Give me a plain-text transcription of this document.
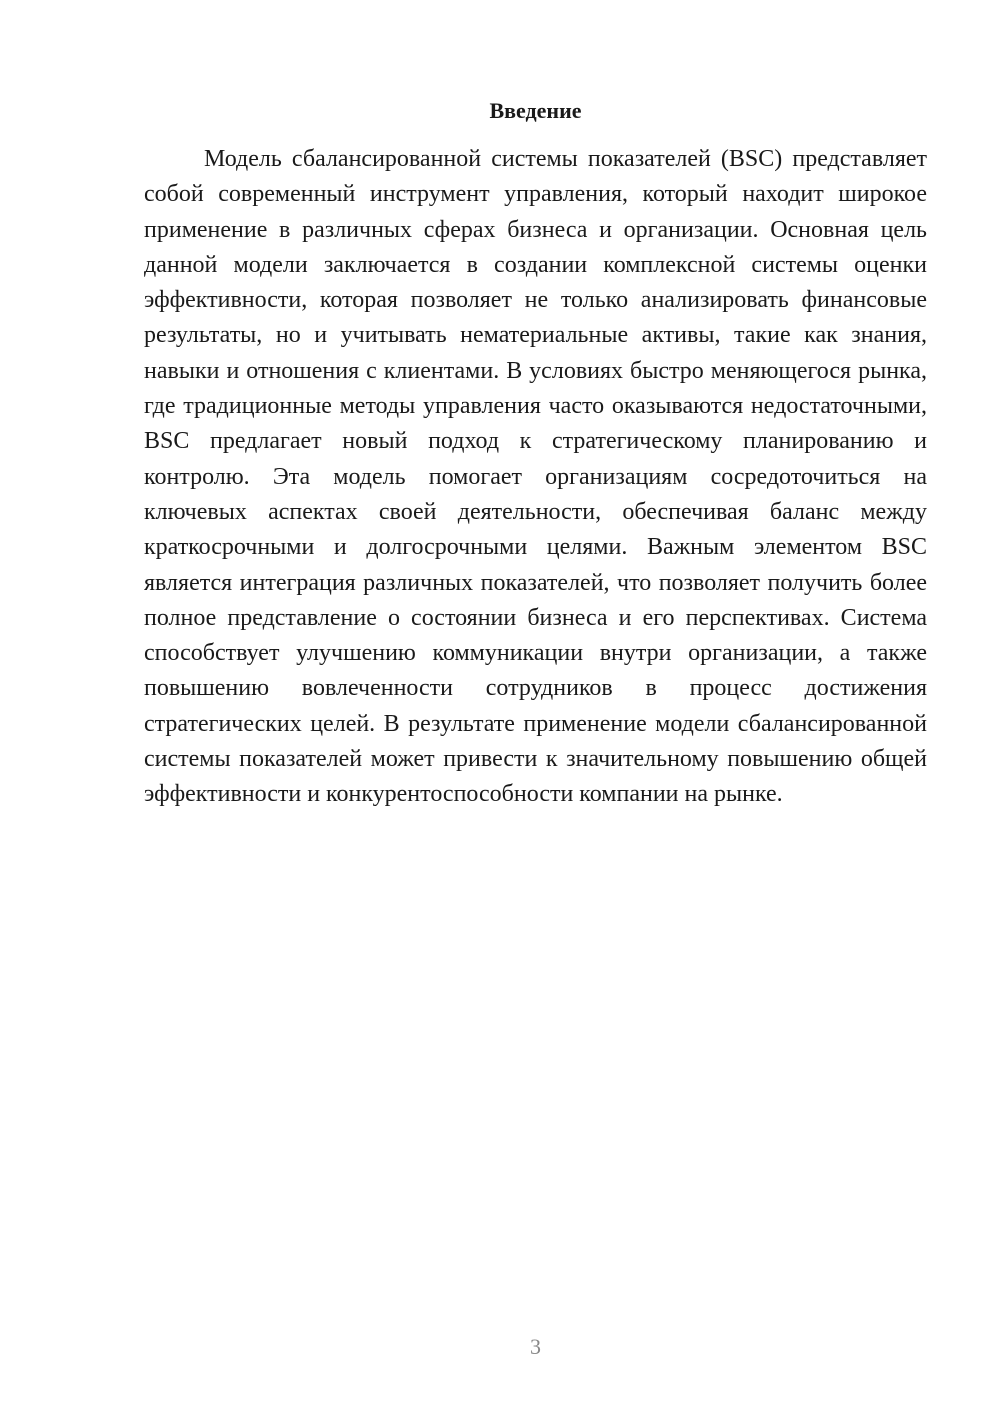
Введение

Модель сбалансированной системы показателей (BSC) представляет собой современный инструмент управления, который находит широкое применение в различных сферах бизнеса и организации. Основная цель данной модели заключается в создании комплексной системы оценки эффективности, которая позволяет не только анализировать финансовые результаты, но и учитывать нематериальные активы, такие как знания, навыки и отношения с клиентами. В условиях быстро меняющегося рынка, где традиционные методы управления часто оказываются недостаточными, BSC предлагает новый подход к стратегическому планированию и контролю. Эта модель помогает организациям сосредоточиться на ключевых аспектах своей деятельности, обеспечивая баланс между краткосрочными и долгосрочными целями. Важным элементом BSC является интеграция различных показателей, что позволяет получить более полное представление о состоянии бизнеса и его перспективах. Система способствует улучшению коммуникации внутри организации, а также повышению вовлеченности сотрудников в процесс достижения стратегических целей. В результате применение модели сбалансированной системы показателей может привести к значительному повышению общей эффективности и конкурентоспособности компании на рынке.

3
